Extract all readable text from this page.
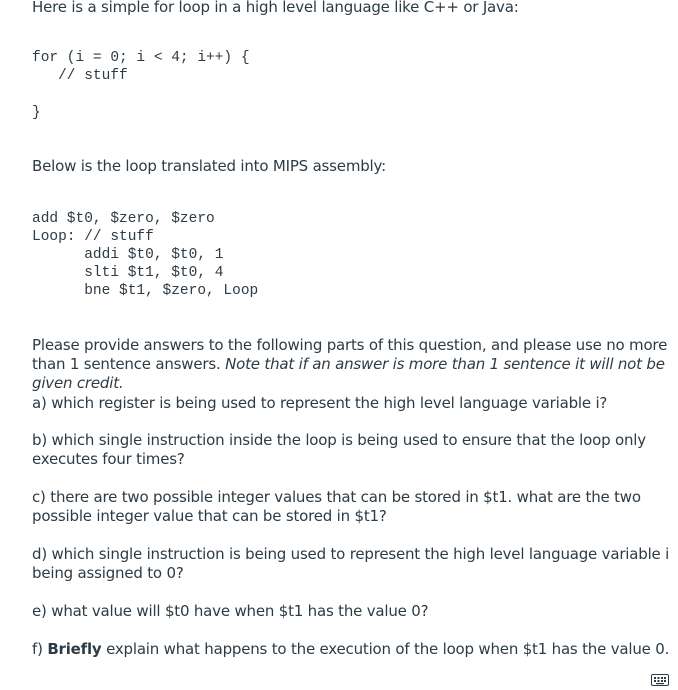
Here is a simple for loop in a high level language like C++ or Java:

for (i = 0; i < 4; i++) {
// stuff
}

Below is the loop translated into MIPS assembly:

add $t0, $zero, $zero
Loop: // stuff
addi $t0, $t0, 1
slti $t1, $t0, 4
bne $t1, $zero, Loop

Please provide answers to the following parts of this question, and please use no more than 1 sentence answers. Note that if an answer is more than 1 sentence it will not be given credit.

a) which register is being used to represent the high level language variable i?

b) which single instruction inside the loop is being used to ensure that the loop only executes four times?

c) there are two possible integer values that can be stored in $t1. what are the two possible integer value that can be stored in $t1?

d) which single instruction is being used to represent the high level language variable i being assigned to 0?

e) what value will $t0 have when $t1 has the value 0?

f) Briefly explain what happens to the execution of the loop when $t1 has the value 0.
